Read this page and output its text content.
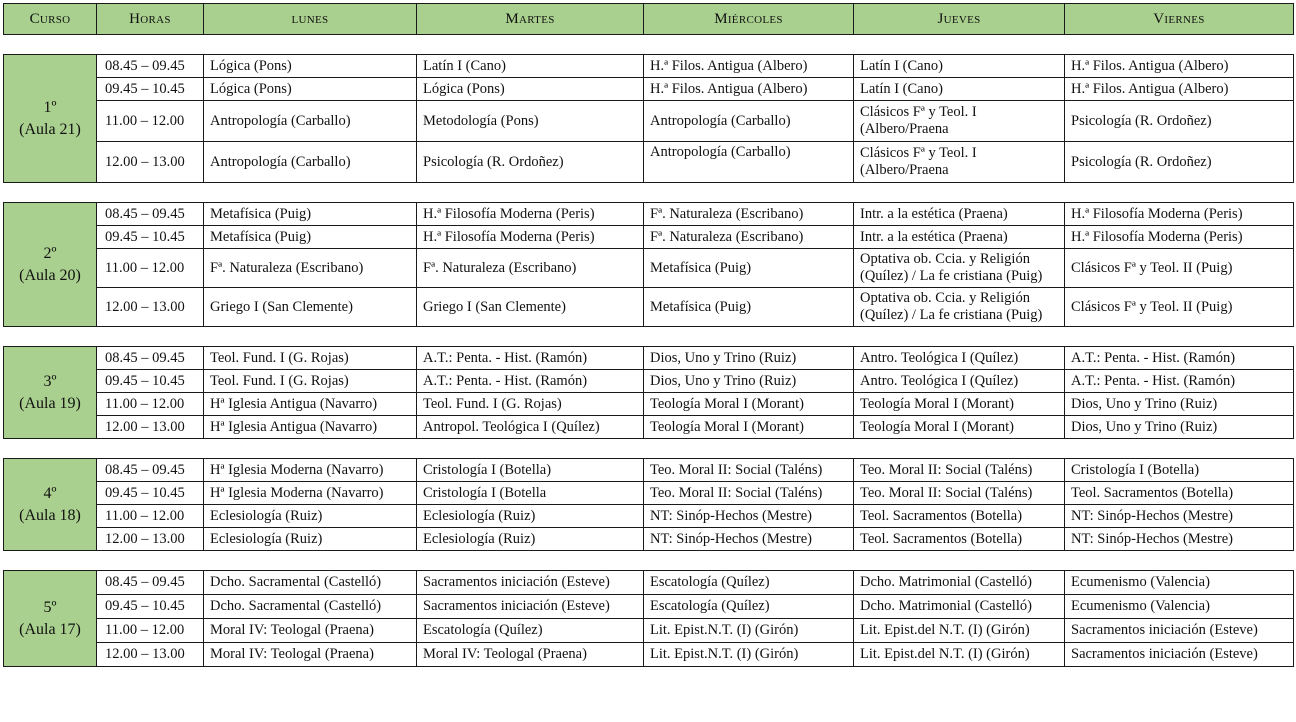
Curso	Horas	lunes	Martes	Miércoles	Jueves	Viernes

1º
(Aula 21)	08.45 – 09.45	Lógica (Pons)	Latín I (Cano)	H.ª Filos. Antigua (Albero)	Latín I (Cano)	H.ª Filos. Antigua (Albero)
	09.45 – 10.45	Lógica (Pons)	Lógica (Pons)	H.ª Filos. Antigua (Albero)	Latín I (Cano)	H.ª Filos. Antigua (Albero)
	11.00 – 12.00	Antropología (Carballo)	Metodología (Pons)	Antropología (Carballo)	Clásicos Fª y Teol. I (Albero/Praena	Psicología (R. Ordoñez)
	12.00 – 13.00	Antropología (Carballo)	Psicología (R. Ordoñez)	Antropología (Carballo)	Clásicos Fª y Teol. I (Albero/Praena	Psicología (R. Ordoñez)

2º
(Aula 20)	08.45 – 09.45	Metafísica (Puig)	H.ª Filosofía Moderna (Peris)	Fª. Naturaleza (Escribano)	Intr. a la estética (Praena)	H.ª Filosofía Moderna (Peris)
	09.45 – 10.45	Metafísica (Puig)	H.ª Filosofía Moderna (Peris)	Fª. Naturaleza (Escribano)	Intr. a la estética (Praena)	H.ª Filosofía Moderna (Peris)
	11.00 – 12.00	Fª. Naturaleza (Escribano)	Fª. Naturaleza (Escribano)	Metafísica (Puig)	Optativa ob. Ccia. y Religión (Quílez) / La fe cristiana (Puig)	Clásicos Fª y Teol. II (Puig)
	12.00 – 13.00	Griego I (San Clemente)	Griego I (San Clemente)	Metafísica (Puig)	Optativa ob. Ccia. y Religión (Quílez) / La fe cristiana (Puig)	Clásicos Fª y Teol. II (Puig)

3º
(Aula 19)	08.45 – 09.45	Teol. Fund. I (G. Rojas)	A.T.: Penta. - Hist. (Ramón)	Dios, Uno y Trino (Ruiz)	Antro. Teológica I (Quílez)	A.T.: Penta. - Hist. (Ramón)
	09.45 – 10.45	Teol. Fund. I (G. Rojas)	A.T.: Penta. - Hist. (Ramón)	Dios, Uno y Trino (Ruiz)	Antro. Teológica I (Quílez)	A.T.: Penta. - Hist. (Ramón)
	11.00 – 12.00	Hª Iglesia Antigua (Navarro)	Teol. Fund. I (G. Rojas)	Teología Moral I (Morant)	Teología Moral I (Morant)	Dios, Uno y Trino (Ruiz)
	12.00 – 13.00	Hª Iglesia Antigua (Navarro)	Antropol. Teológica I (Quílez)	Teología Moral I (Morant)	Teología Moral I (Morant)	Dios, Uno y Trino (Ruiz)

4º
(Aula 18)	08.45 – 09.45	Hª Iglesia Moderna (Navarro)	Cristología I (Botella)	Teo. Moral II: Social (Taléns)	Teo. Moral II: Social (Taléns)	Cristología I (Botella)
	09.45 – 10.45	Hª Iglesia Moderna (Navarro)	Cristología I (Botella	Teo. Moral II: Social (Taléns)	Teo. Moral II: Social (Taléns)	Teol. Sacramentos (Botella)
	11.00 – 12.00	Eclesiología (Ruiz)	Eclesiología (Ruiz)	NT: Sinóp-Hechos (Mestre)	Teol. Sacramentos (Botella)	NT: Sinóp-Hechos (Mestre)
	12.00 – 13.00	Eclesiología (Ruiz)	Eclesiología (Ruiz)	NT: Sinóp-Hechos (Mestre)	Teol. Sacramentos (Botella)	NT: Sinóp-Hechos (Mestre)

5º
(Aula 17)	08.45 – 09.45	Dcho. Sacramental (Castelló)	Sacramentos iniciación (Esteve)	Escatología (Quílez)	Dcho. Matrimonial (Castelló)	Ecumenismo (Valencia)
	09.45 – 10.45	Dcho. Sacramental (Castelló)	Sacramentos iniciación (Esteve)	Escatología (Quílez)	Dcho. Matrimonial (Castelló)	Ecumenismo (Valencia)
	11.00 – 12.00	Moral IV: Teologal (Praena)	Escatología (Quílez)	Lit. Epist.N.T. (I) (Girón)	Lit. Epist.del N.T. (I) (Girón)	Sacramentos iniciación (Esteve)
	12.00 – 13.00	Moral IV: Teologal (Praena)	Moral IV: Teologal (Praena)	Lit. Epist.N.T. (I) (Girón)	Lit. Epist.del N.T. (I) (Girón)	Sacramentos iniciación (Esteve)
